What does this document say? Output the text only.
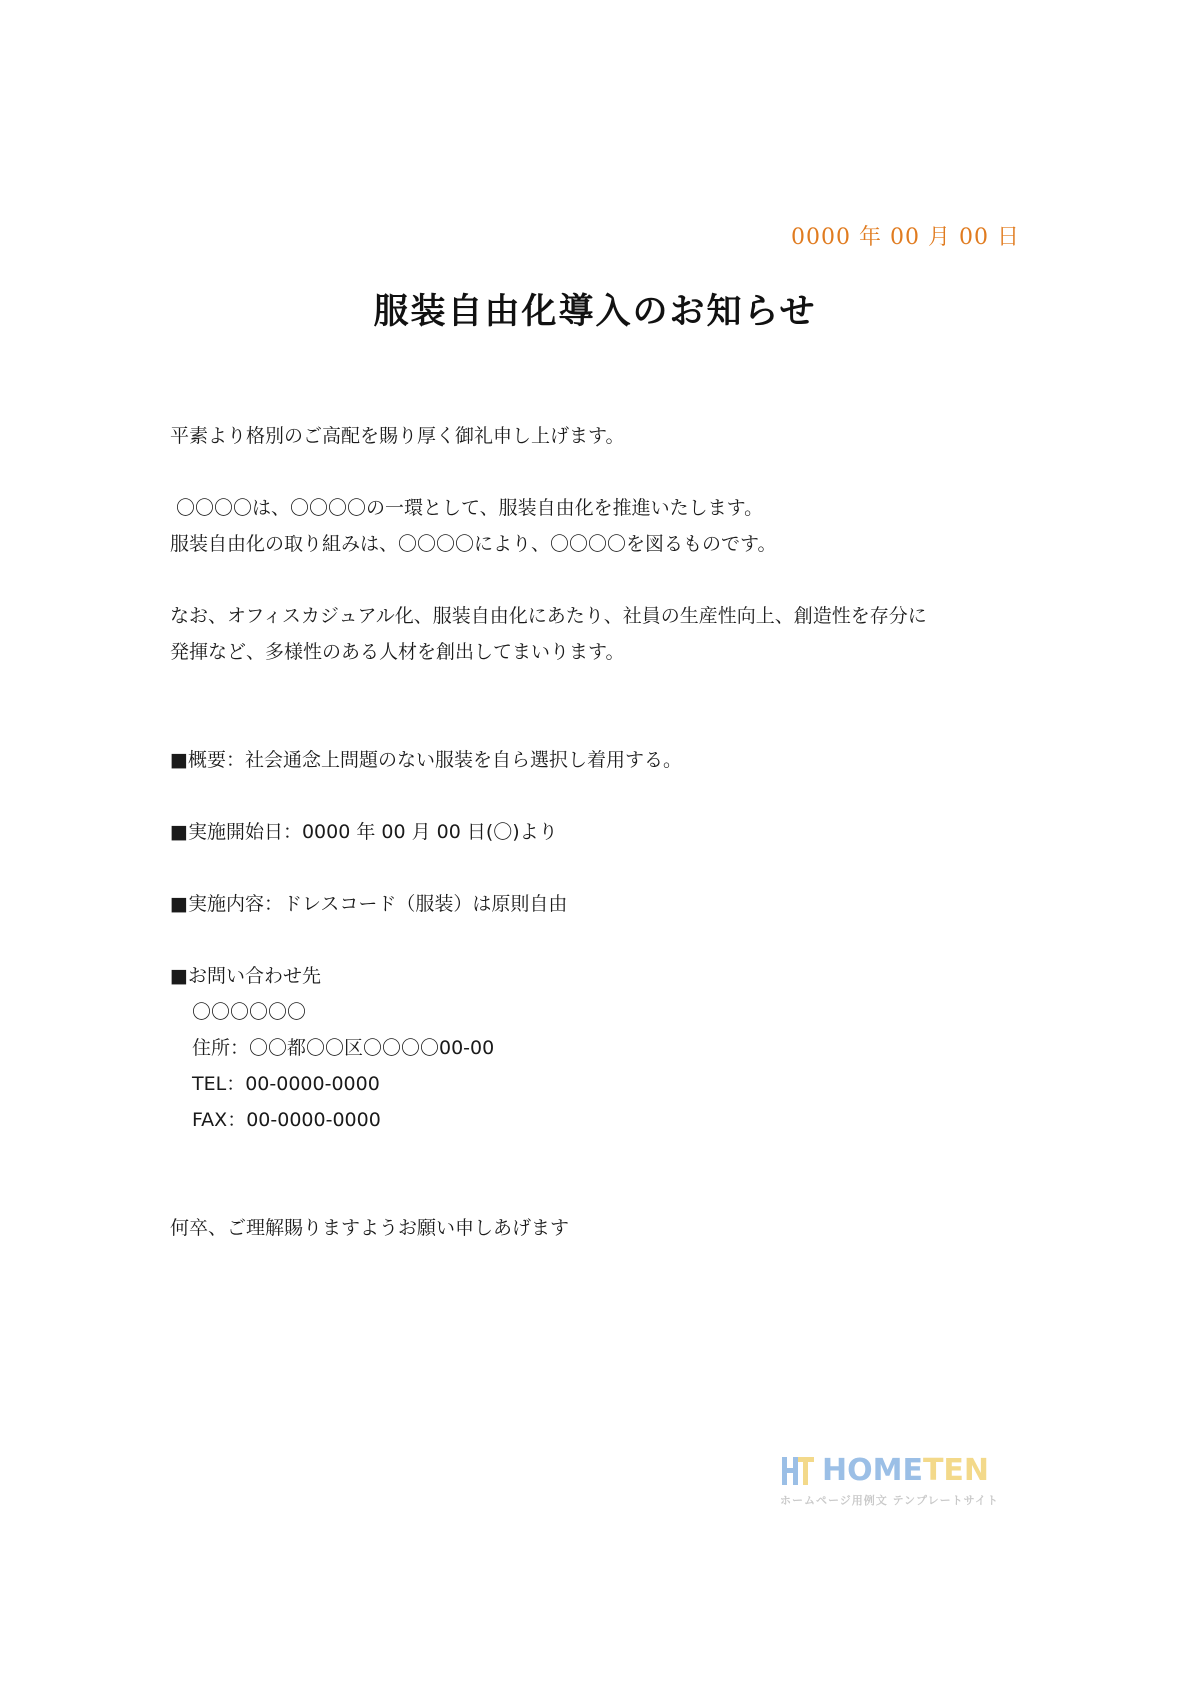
0000 年 00 月 00 日
服装自由化導入のお知らせ
平素より格別のご高配を賜り厚く御礼申し上げます。
〇〇〇〇は、〇〇〇〇の一環として、服装自由化を推進いたします。
服装自由化の取り組みは、〇〇〇〇により、〇〇〇〇を図るものです。
なお、オフィスカジュアル化、服装自由化にあたり、社員の生産性向上、創造性を存分に
発揮など、多様性のある人材を創出してまいります。
■概要：社会通念上問題のない服装を自ら選択し着用する。
■実施開始日：0000 年 00 月 00 日(〇)より
■実施内容：ドレスコード（服装）は原則自由
■お問い合わせ先
〇〇〇〇〇〇
住所：〇〇都〇〇区〇〇〇〇00-00
TEL：00-0000-0000
FAX：00-0000-0000
何卒、ご理解賜りますようお願い申しあげます
HOME TEN
ホームページ用例文 テンプレートサイト
